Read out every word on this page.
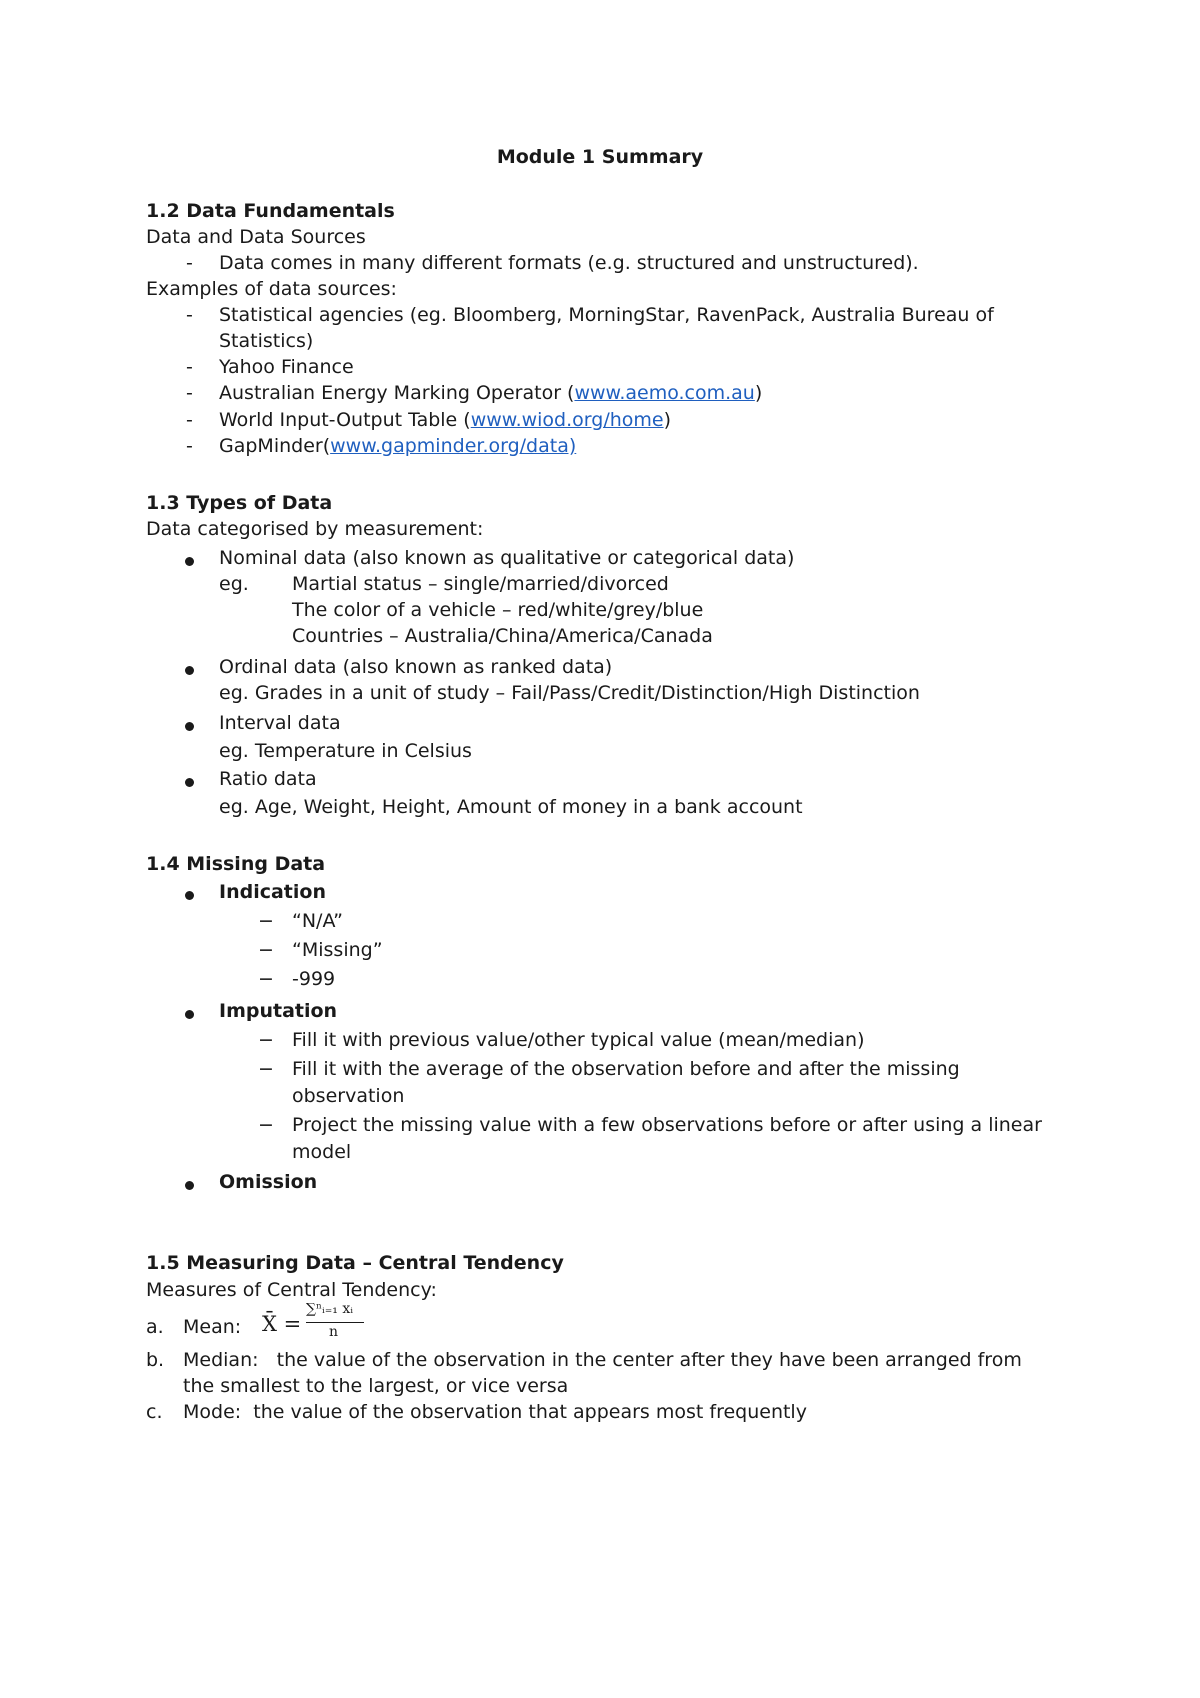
Module 1 Summary
1.2 Data Fundamentals
Data and Data Sources
- Data comes in many different formats (e.g. structured and unstructured).
Examples of data sources:
- Statistical agencies (eg. Bloomberg, MorningStar, RavenPack, Australia Bureau of
Statistics)
- Yahoo Finance
- Australian Energy Marking Operator (www.aemo.com.au)
- World Input-Output Table (www.wiod.org/home)
- GapMinder(www.gapminder.org/data)
1.3 Types of Data
Data categorised by measurement:
Nominal data (also known as qualitative or categorical data)
eg. Martial status – single/married/divorced
The color of a vehicle – red/white/grey/blue
Countries – Australia/China/America/Canada
Ordinal data (also known as ranked data)
eg. Grades in a unit of study – Fail/Pass/Credit/Distinction/High Distinction
Interval data
eg. Temperature in Celsius
Ratio data
eg. Age, Weight, Height, Amount of money in a bank account
1.4 Missing Data
Indication
− “N/A”
− “Missing”
− -999
Imputation
− Fill it with previous value/other typical value (mean/median)
− Fill it with the average of the observation before and after the missing
observation
− Project the missing value with a few observations before or after using a linear
model
Omission
1.5 Measuring Data – Central Tendency
Measures of Central Tendency:
a. Mean: X̄ =
∑ⁿᵢ₌₁ xᵢ
n
b. Median:   the value of the observation in the center after they have been arranged from
the smallest to the largest, or vice versa
c. Mode:  the value of the observation that appears most frequently
